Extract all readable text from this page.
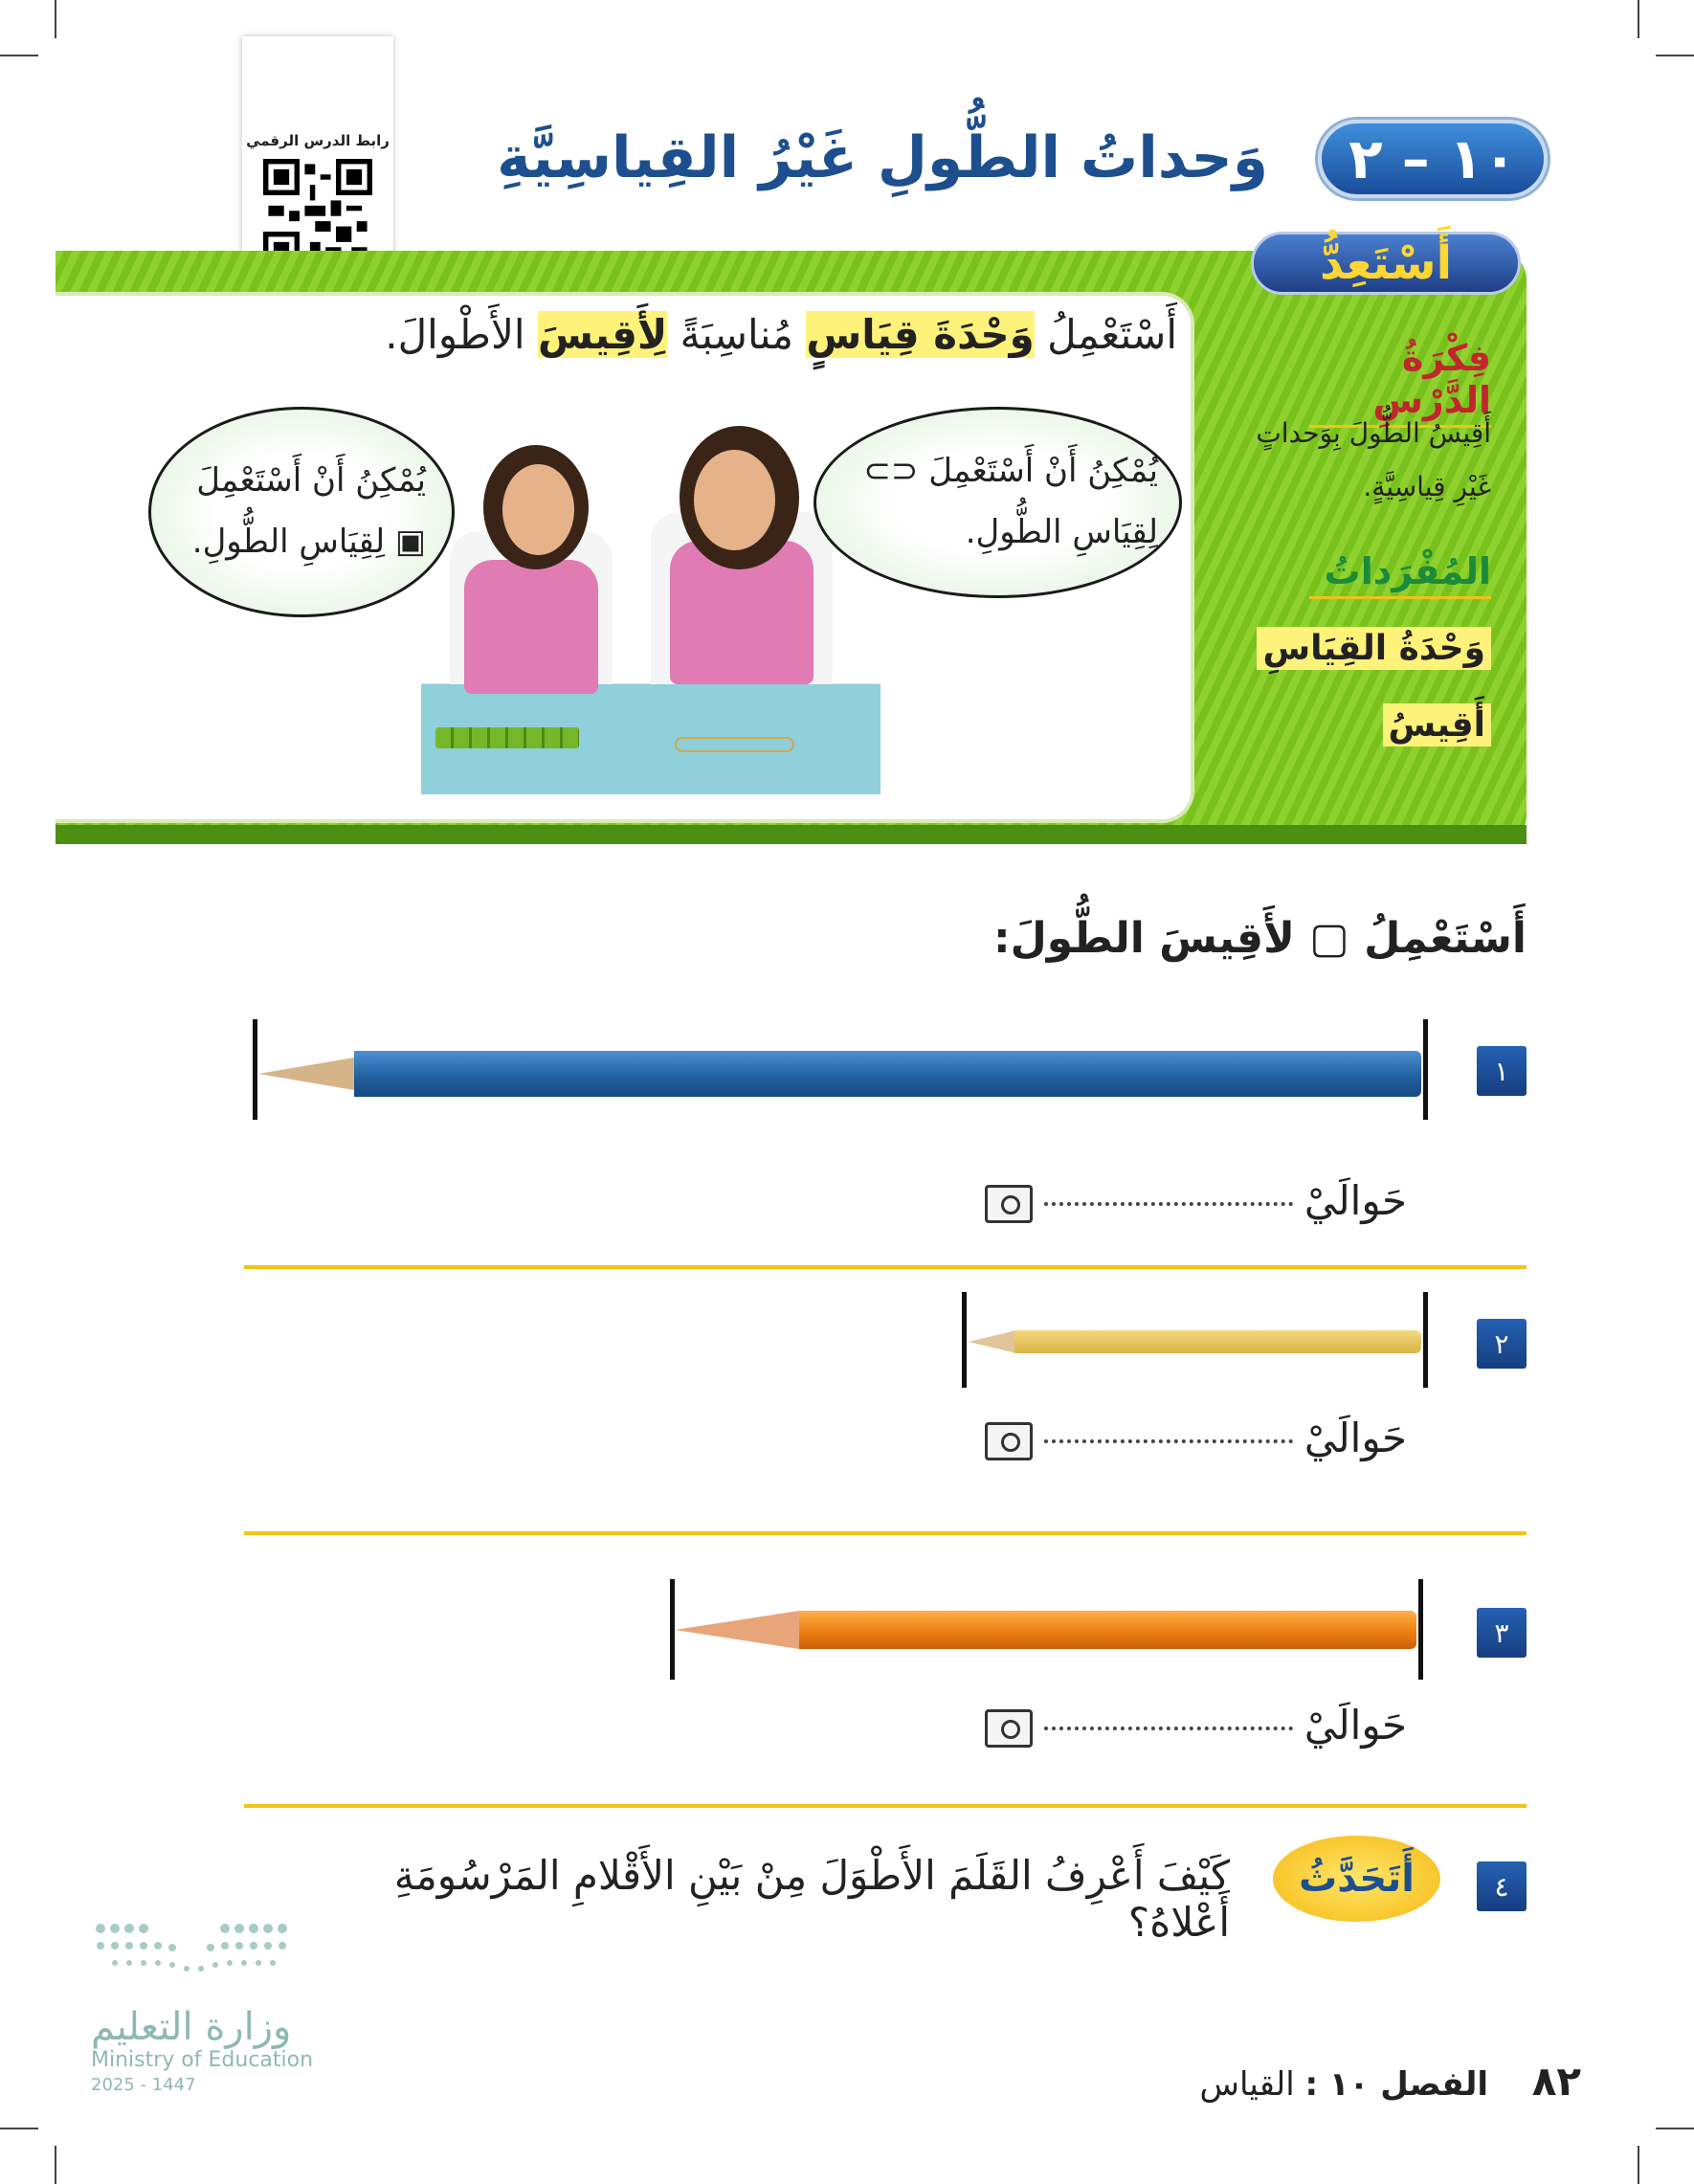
١٠ – ٢
وَحداتُ الطُّولِ غَيْرُ القِياسِيَّةِ
رابط الدرس الرقمي
أَسْتَعِدُّ
فِكْرَةُ الدَّرْسِ
أَقِيسُ الطُّولَ بِوَحداتٍ غَيْرِ قِياسِيَّةٍ.
المُفْرَداتُ
وَحْدَةُ القِيَاسِ
أَقِيسُ
أَسْتَعْمِلُ وَحْدَةَ قِيَاسٍ مُناسِبَةً لِأَقِيسَ الأَطْوالَ.
يُمْكِنُ أَنْ أَسْتَعْمِلَ ▣ لِقِيَاسِ الطُّولِ.
يُمْكِنُ أَنْ أَسْتَعْمِلَ ⊂⊃ لِقِيَاسِ الطُّولِ.
أَسْتَعْمِلُ ▢ لأَقِيسَ الطُّولَ:
١
حَوالَيْ
٢
حَوالَيْ
٣
حَوالَيْ
٤
أَتَحَدَّثُ
كَيْفَ أَعْرِفُ القَلَمَ الأَطْوَلَ مِنْ بَيْنِ الأَقْلامِ المَرْسُومَةِ أَعْلاهُ؟
وزارة التعليم
Ministry of Education
2025 - 1447	الفصل ١٠ : القياس	٨٢
